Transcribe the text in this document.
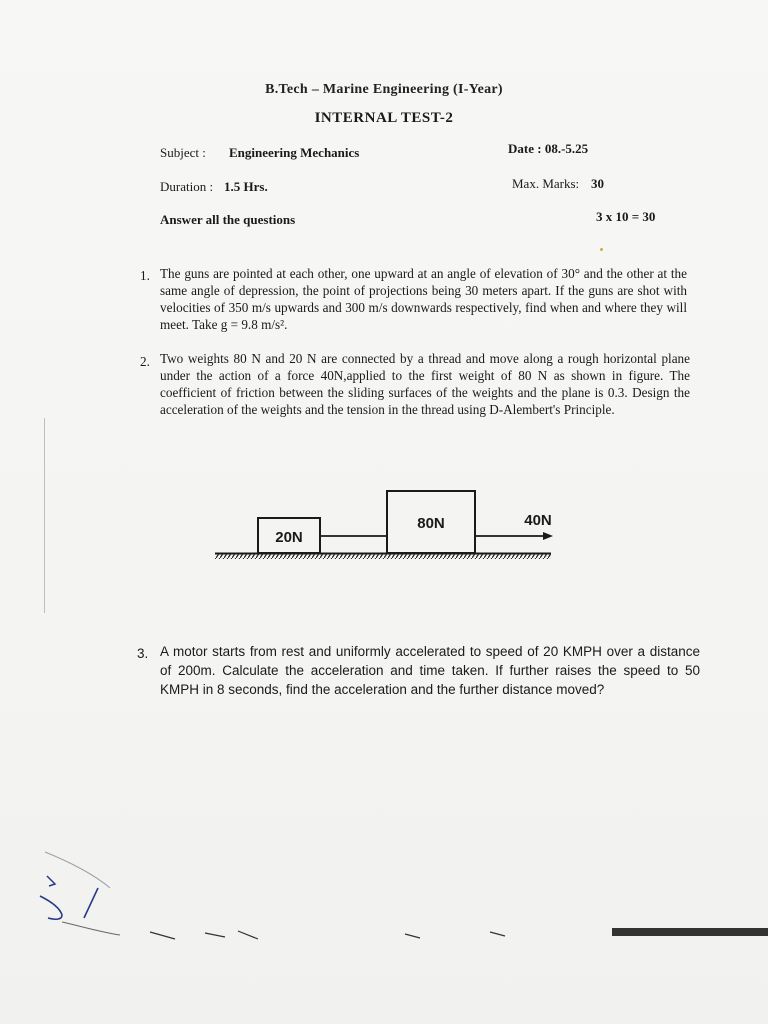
B.Tech – Marine Engineering (I-Year)
INTERNAL TEST-2
Subject : Engineering Mechanics	Date : 08.-5.25
Duration : 1.5 Hrs.	Max. Marks: 30
Answer all the questions	3 x 10 = 30
1. The guns are pointed at each other, one upward at an angle of elevation of 30° and the other at the same angle of depression, the point of projections being 30 meters apart. If the guns are shot with velocities of 350 m/s upwards and 300 m/s downwards respectively, find when and where they will meet. Take g = 9.8 m/s².
2. Two weights 80 N and 20 N are connected by a thread and move along a rough horizontal plane under the action of a force 40N,applied to the first weight of 80 N as shown in figure. The coefficient of friction between the sliding surfaces of the weights and the plane is 0.3. Design the acceleration of the weights and the tension in the thread using D-Alembert's Principle.
20N
80N	40N
3. A motor starts from rest and uniformly accelerated to speed of 20 KMPH over a distance of 200m. Calculate the acceleration and time taken. If further raises the speed to 50 KMPH in 8 seconds, find the acceleration and the further distance moved?
